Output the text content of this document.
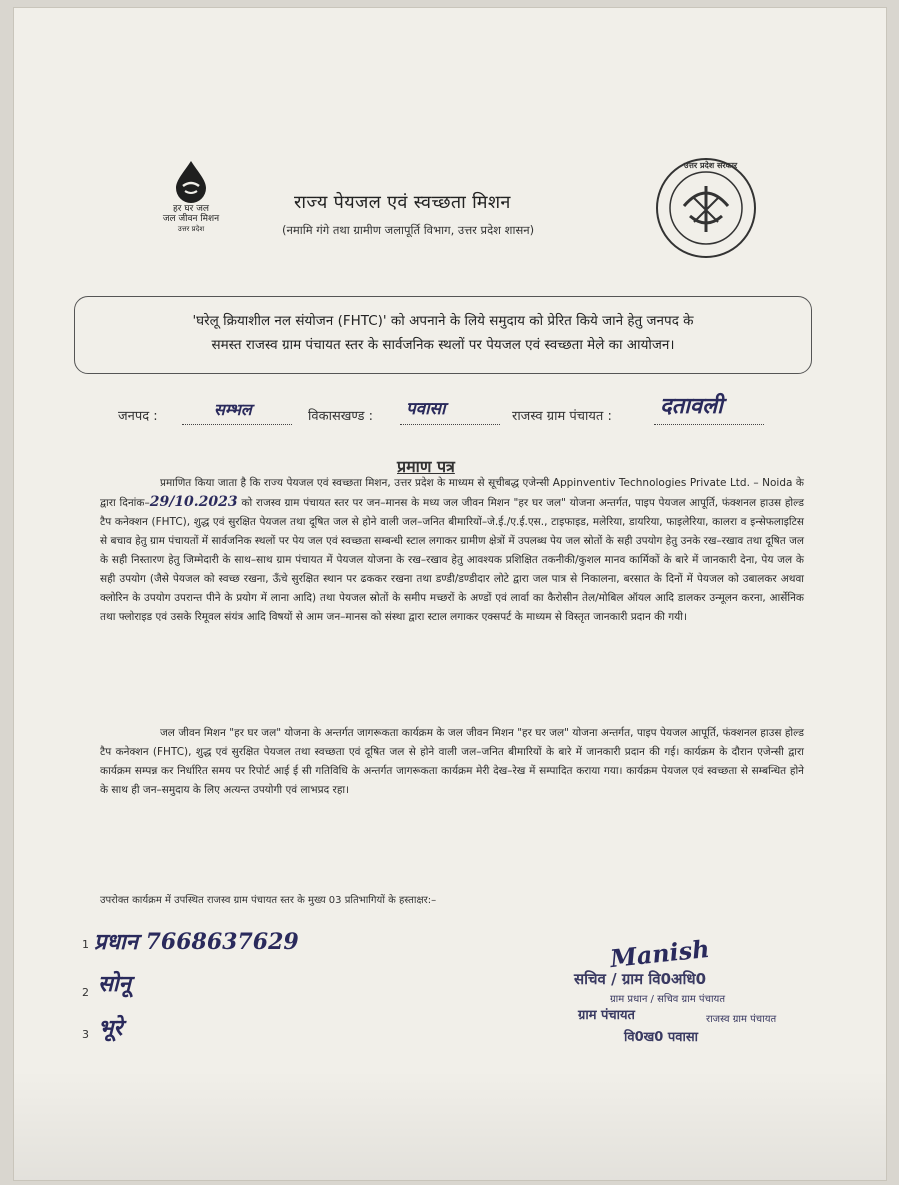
हर घर जल
जल जीवन मिशन
उत्तर प्रदेश
राज्य पेयजल एवं स्वच्छता मिशन
(नमामि गंगे तथा ग्रामीण जलापूर्ति विभाग, उत्तर प्रदेश शासन)
उत्तर प्रदेश सरकार
'घरेलू क्रियाशील नल संयोजन (FHTC)' को अपनाने के लिये समुदाय को प्रेरित किये जाने हेतु जनपद के
समस्त राजस्व ग्राम पंचायत स्तर के सार्वजनिक स्थलों पर पेयजल एवं स्वच्छता मेले का आयोजन।
जनपद :	सम्भल	विकासखण्ड : पवासा	राजस्व ग्राम पंचायत : दतावली
प्रमाण पत्र

प्रमाणित किया जाता है कि राज्य पेयजल एवं स्वच्छता मिशन, उत्तर प्रदेश के माध्यम से सूचीबद्ध एजेन्सी Appinventiv Technologies Private Ltd. – Noida के द्वारा दिनांक–29/10.2023 को राजस्व ग्राम पंचायत स्तर पर जन–मानस के मध्य जल जीवन मिशन "हर घर जल" योजना अन्तर्गत, पाइप पेयजल आपूर्ति, फंक्शनल हाउस होल्ड टैप कनेक्शन (FHTC), शुद्ध एवं सुरक्षित पेयजल तथा दूषित जल से होने वाली जल–जनित बीमारियों–जे.ई./ए.ई.एस., टाइफाइड, मलेरिया, डायरिया, फाइलेरिया, कालरा व इन्सेफलाइटिस से बचाव हेतु ग्राम पंचायतों में सार्वजनिक स्थलों पर पेय जल एवं स्वच्छता सम्बन्धी स्टाल लगाकर ग्रामीण क्षेत्रों में उपलब्ध पेय जल स्रोतों के सही उपयोग हेतु उनके रख–रखाव तथा दूषित जल के सही निस्तारण हेतु जिम्मेदारी के साथ–साथ ग्राम पंचायत में पेयजल योजना के रख–रखाव हेतु आवश्यक प्रशिक्षित तकनीकी/कुशल मानव कार्मिकों के बारे में जानकारी देना, पेय जल के सही उपयोग (जैसे पेयजल को स्वच्छ रखना, ऊँचे सुरक्षित स्थान पर ढककर रखना तथा डण्डी/डण्डीदार लोटे द्वारा जल पात्र से निकालना, बरसात के दिनों में पेयजल को उबालकर अथवा क्लोरिन के उपयोग उपरान्त पीने के प्रयोग में लाना आदि) तथा पेयजल स्रोतों के समीप मच्छरों के अण्डों एवं लार्वा का कैरोसीन तेल/मोबिल ऑयल आदि डालकर उन्मूलन करना, आर्सेनिक तथा फ्लोराइड एवं उसके रिमूवल संयंत्र आदि विषयों से आम जन–मानस को संस्था द्वारा स्टाल लगाकर एक्सपर्ट के माध्यम से विस्तृत जानकारी प्रदान की गयी।

जल जीवन मिशन "हर घर जल" योजना के अन्तर्गत जागरूकता कार्यक्रम के जल जीवन मिशन "हर घर जल" योजना अन्तर्गत, पाइप पेयजल आपूर्ति, फंक्शनल हाउस होल्ड टैप कनेक्शन (FHTC), शुद्ध एवं सुरक्षित पेयजल तथा स्वच्छता एवं दूषित जल से होने वाली जल–जनित बीमारियों के बारे में जानकारी प्रदान की गई। कार्यक्रम के दौरान एजेन्सी द्वारा कार्यक्रम सम्पन्न कर निर्धारित समय पर रिपोर्ट आई ई सी गतिविधि के अन्तर्गत जागरूकता कार्यक्रम मेरी देख–रेख में सम्पादित कराया गया। कार्यक्रम पेयजल एवं स्वच्छता से सम्बन्धित होने के साथ ही जन–समुदाय के लिए अत्यन्त उपयोगी एवं लाभप्रद रहा।

उपरोक्त कार्यक्रम में उपस्थित राजस्व ग्राम पंचायत स्तर के मुख्य 03 प्रतिभागियों के हस्ताक्षर:–
1 प्रधान 7668637629
2 सोनू
3 भूरे
Manish
सचिव / ग्राम वि0अधि0
ग्राम प्रधान / सचिव ग्राम पंचायत
ग्राम पंचायत
वि0ख0 पवासा
राजस्व ग्राम पंचायत
